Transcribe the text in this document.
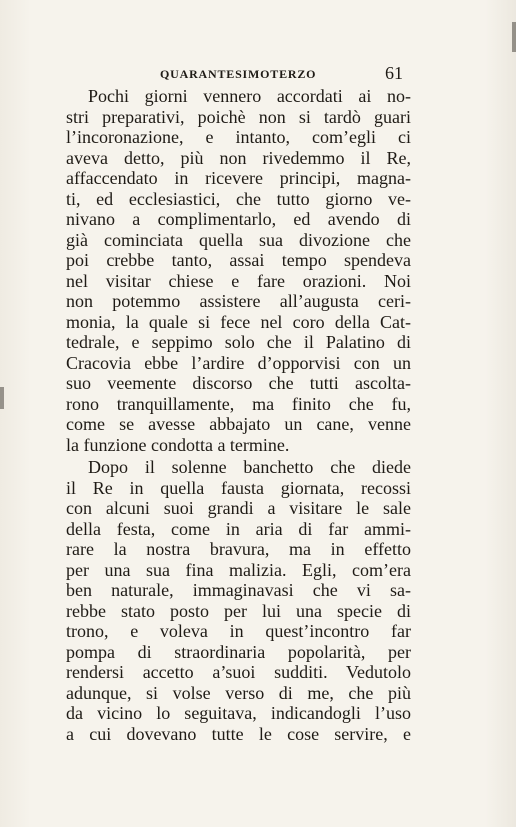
QUARANTESIMOTERZO	61
Pochi giorni vennero accordati ai no-
stri preparativi, poichè non si tardò guari
l’incoronazione, e intanto, com’egli ci
aveva detto, più non rivedemmo il Re,
affaccendato in ricevere principi, magna-
ti, ed ecclesiastici, che tutto giorno ve-
nivano a complimentarlo, ed avendo di
già cominciata quella sua divozione che
poi crebbe tanto, assai tempo spendeva
nel visitar chiese e fare orazioni. Noi
non potemmo assistere all’augusta ceri-
monia, la quale si fece nel coro della Cat-
tedrale, e seppimo solo che il Palatino di
Cracovia ebbe l’ardire d’opporvisi con un
suo veemente discorso che tutti ascolta-
rono tranquillamente, ma finito che fu,
come se avesse abbajato un cane, venne
la funzione condotta a termine.
Dopo il solenne banchetto che diede
il Re in quella fausta giornata, recossi
con alcuni suoi grandi a visitare le sale
della festa, come in aria di far ammi-
rare la nostra bravura, ma in effetto
per una sua fina malizia. Egli, com’era
ben naturale, immaginavasi che vi sa-
rebbe stato posto per lui una specie di
trono, e voleva in quest’incontro far
pompa di straordinaria popolarità, per
rendersi accetto a’suoi sudditi. Vedutolo
adunque, si volse verso di me, che più
da vicino lo seguitava, indicandogli l’uso
a cui dovevano tutte le cose servire, e
